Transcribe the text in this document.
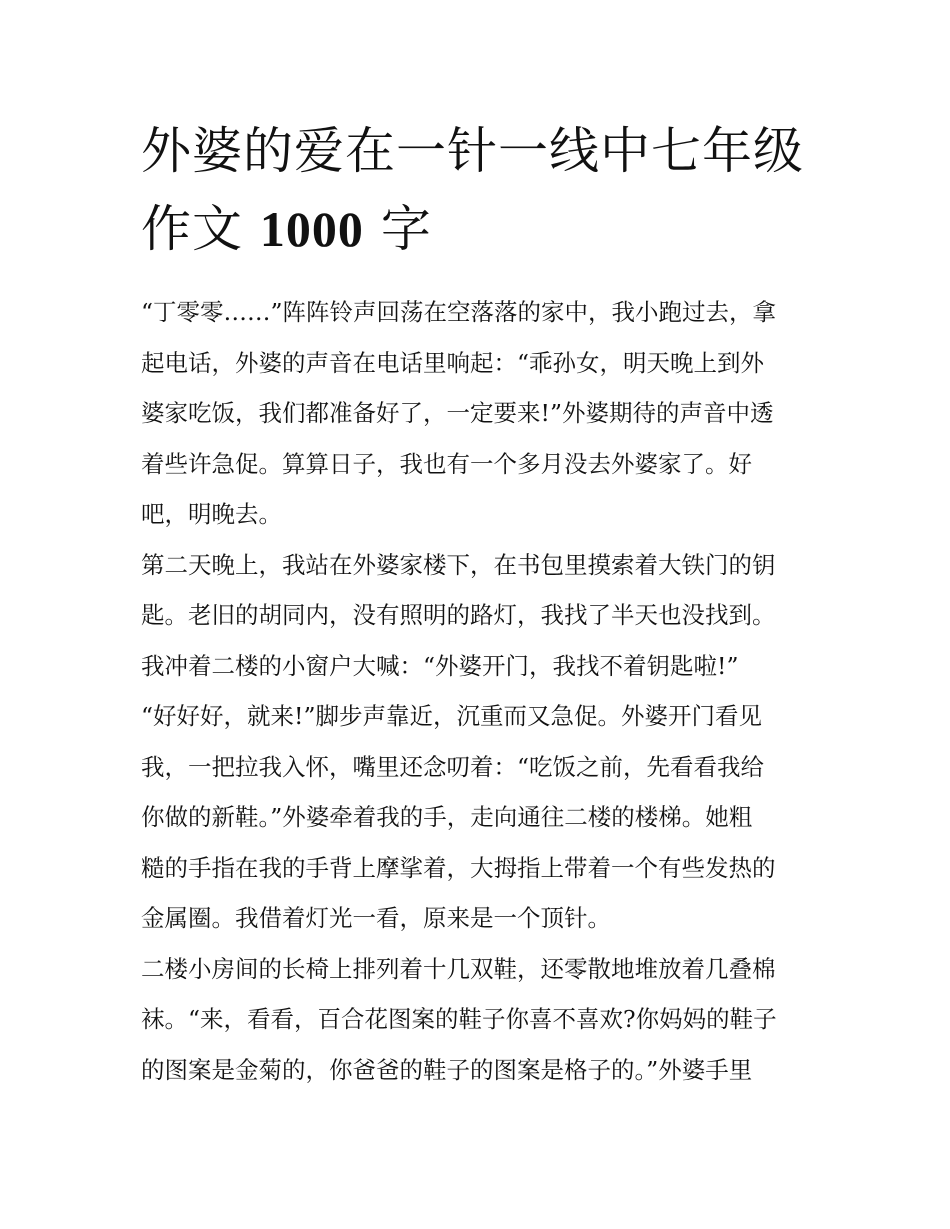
外婆的爱在一针一线中七年级
作文 1000 字

“丁零零……”阵阵铃声回荡在空落落的家中，我小跑过去，拿
起电话，外婆的声音在电话里响起：“乖孙女，明天晚上到外
婆家吃饭，我们都准备好了，一定要来!”外婆期待的声音中透
着些许急促。算算日子，我也有一个多月没去外婆家了。好
吧，明晚去。

第二天晚上，我站在外婆家楼下，在书包里摸索着大铁门的钥
匙。老旧的胡同内，没有照明的路灯，我找了半天也没找到。
我冲着二楼的小窗户大喊：“外婆开门，我找不着钥匙啦!”

“好好好，就来!”脚步声靠近，沉重而又急促。外婆开门看见
我，一把拉我入怀，嘴里还念叨着：“吃饭之前，先看看我给
你做的新鞋。”外婆牵着我的手，走向通往二楼的楼梯。她粗
糙的手指在我的手背上摩挲着，大拇指上带着一个有些发热的
金属圈。我借着灯光一看，原来是一个顶针。

二楼小房间的长椅上排列着十几双鞋，还零散地堆放着几叠棉
袜。“来，看看，百合花图案的鞋子你喜不喜欢?你妈妈的鞋子
的图案是金菊的，你爸爸的鞋子的图案是格子的。”外婆手里
